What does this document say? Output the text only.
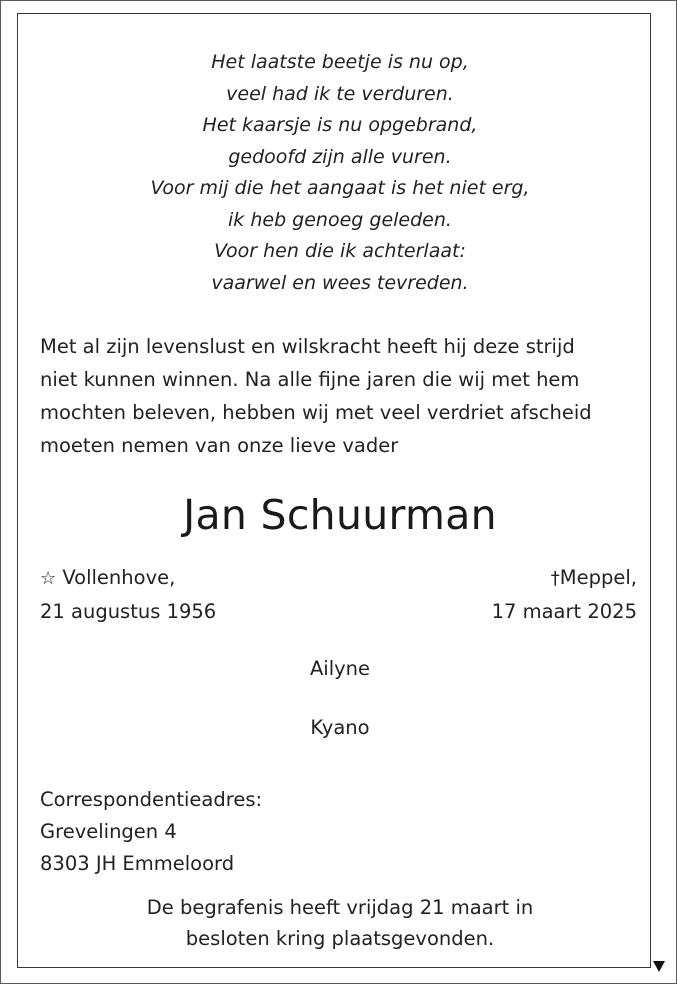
Het laatste beetje is nu op,
veel had ik te verduren.
Het kaarsje is nu opgebrand,
gedoofd zijn alle vuren.
Voor mij die het aangaat is het niet erg,
ik heb genoeg geleden.
Voor hen die ik achterlaat:
vaarwel en wees tevreden.
Met al zijn levenslust en wilskracht heeft hij deze strijd
niet kunnen winnen. Na alle fijne jaren die wij met hem
mochten beleven, hebben wij met veel verdriet afscheid
moeten nemen van onze lieve vader
Jan Schuurman
☆ Vollenhove,
21 augustus 1956
†Meppel,
17 maart 2025
Ailyne
Kyano
Correspondentieadres:
Grevelingen 4
8303 JH Emmeloord
De begrafenis heeft vrijdag 21 maart in
besloten kring plaatsgevonden.
